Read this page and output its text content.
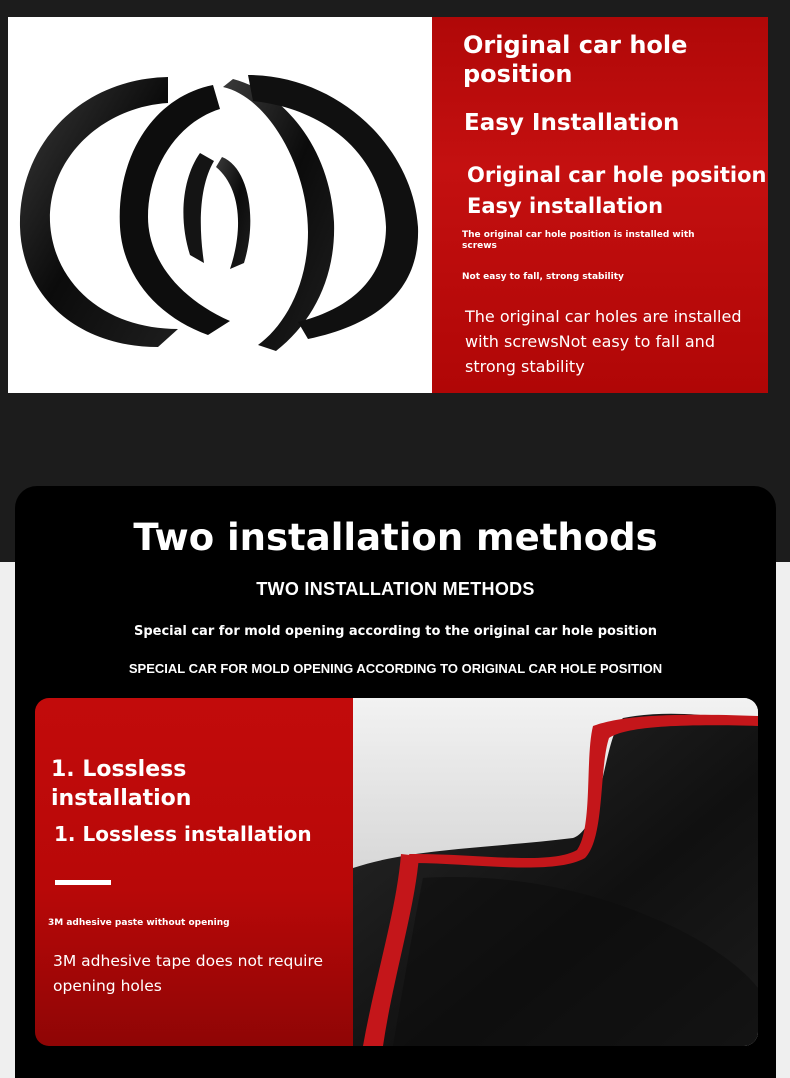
Original car hole position
Easy Installation
Original car hole position Easy installation
The original car hole position is installed with screws
Not easy to fall, strong stability
The original car holes are installed with screwsNot easy to fall and strong stability
Two installation methods
TWO INSTALLATION METHODS
Special car for mold opening according to the original car hole position
SPECIAL CAR FOR MOLD OPENING ACCORDING TO ORIGINAL CAR HOLE POSITION
1. Lossless installation
1. Lossless installation
3M adhesive paste without opening
3M adhesive tape does not require opening holes
